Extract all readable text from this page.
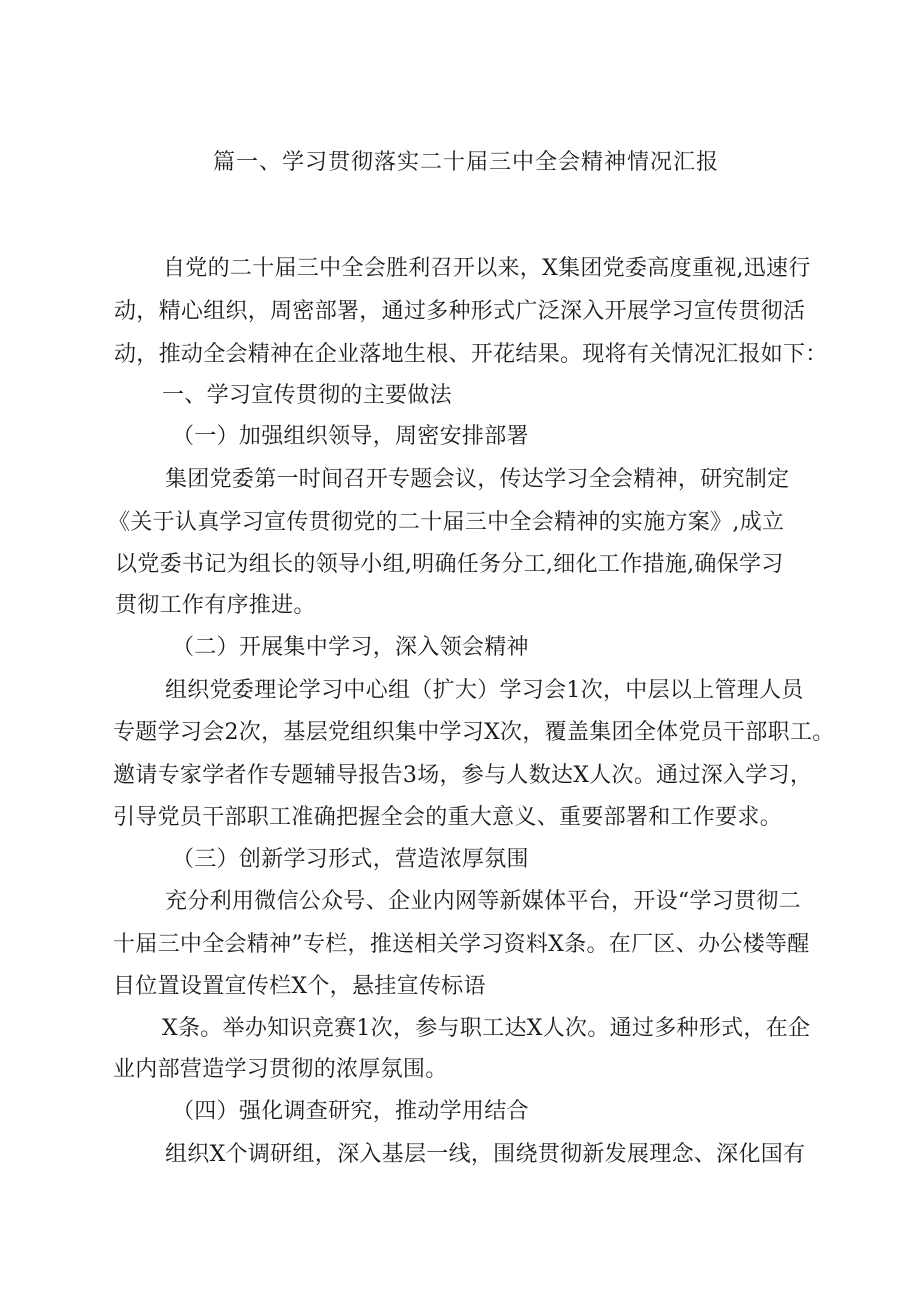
篇一、学习贯彻落实二十届三中全会精神情况汇报
自党的二十届三中全会胜利召开以来，X集团党委高度重视,迅速行
动，精心组织，周密部署，通过多种形式广泛深入开展学习宣传贯彻活
动，推动全会精神在企业落地生根、开花结果。现将有关情况汇报如下：
一、学习宣传贯彻的主要做法
（一）加强组织领导，周密安排部署
集团党委第一时间召开专题会议，传达学习全会精神，研究制定
《关于认真学习宣传贯彻党的二十届三中全会精神的实施方案》,成立
以党委书记为组长的领导小组,明确任务分工,细化工作措施,确保学习
贯彻工作有序推进。
（二）开展集中学习，深入领会精神
组织党委理论学习中心组（扩大）学习会1次，中层以上管理人员
专题学习会2次，基层党组织集中学习X次，覆盖集团全体党员干部职工。
邀请专家学者作专题辅导报告3场，参与人数达X人次。通过深入学习，
引导党员干部职工准确把握全会的重大意义、重要部署和工作要求。
（三）创新学习形式，营造浓厚氛围
充分利用微信公众号、企业内网等新媒体平台，开设“学习贯彻二
十届三中全会精神”专栏，推送相关学习资料X条。在厂区、办公楼等醒
目位置设置宣传栏X个，悬挂宣传标语
X条。举办知识竞赛1次，参与职工达X人次。通过多种形式，在企
业内部营造学习贯彻的浓厚氛围。
（四）强化调查研究，推动学用结合
组织X个调研组，深入基层一线，围绕贯彻新发展理念、深化国有
